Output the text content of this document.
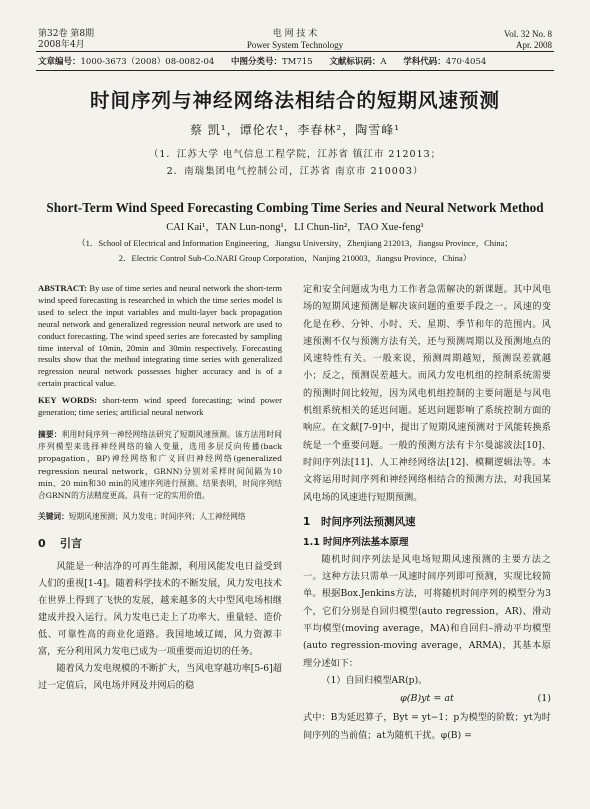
第32卷 第8期
2008年4月
电 网 技 术
Power System Technology
Vol. 32 No. 8
Apr. 2008
文章编号：1000-3673（2008）08-0082-04 中图分类号：TM715 文献标识码：A 学科代码：470·4054
时间序列与神经网络法相结合的短期风速预测
蔡 凯¹，谭伦农¹，李春林²，陶雪峰¹
（1．江苏大学 电气信息工程学院，江苏省 镇江市 212013；
2．南瑞集团电气控制公司，江苏省 南京市 210003）
Short-Term Wind Speed Forecasting Combing Time Series and Neural Network Method
CAI Kai¹，TAN Lun-nong¹，LI Chun-lin²，TAO Xue-feng¹
（1．School of Electrical and Information Engineering，Jiangsu University，Zhenjiang 212013，Jiangsu Province，China；
2．Electric Control Sub-Co.NARI Group Corporation，Nanjing 210003，Jiangsu Province，China）

ABSTRACT: By use of time series and neural network the short-term wind speed forecasting is researched in which the time series model is used to select the input variables and multi-layer back propagation neural network and generalized regression neural network are used to conduct forecasting. The wind speed series are forecasted by sampling time interval of 10min, 20min and 30min respectively. Forecasting results show that the method integrating time series with generalized regression neural network possesses higher accuracy and is of a certain practical value.

KEY WORDS: short-term wind speed forecasting; wind power generation; time series; artificial neural network

摘要：利用时间序列一神经网络法研究了短期风速预测。该方法用时间序列模型来选择神经网络的输入变量，选用多层反向传播(back propagation，BP)神经网络和广义回归神经网络(generalized regression neural network，GRNN)分别对采样时间间隔为10 min、20 min和30 min的风速序列进行预测。结果表明，时间序列结合GRNN的方法精度更高，具有一定的实用价值。

关键词：短期风速预测；风力发电；时间序列；人工神经网络

0 引言

风能是一种洁净的可再生能源，利用风能发电日益受到人们的重视[1-4]。随着科学技术的不断发展，风力发电技术在世界上得到了飞快的发展，越来越多的大中型风电场相继建成并投入运行。风力发电已走上了功率大、重量轻、造价低、可靠性高的商业化道路。我国地域辽阔，风力资源丰富，充分利用风力发电已成为一项重要而迫切的任务。

随着风力发电规模的不断扩大，当风电穿越功率[5-6]超过一定值后，风电场并网及并网后的稳

定和安全问题成为电力工作者急需解决的新课题。其中风电场的短期风速预测是解决该问题的重要手段之一。风速的变化是在秒、分钟、小时、天、星期、季节和年的范围内。风速预测不仅与预测方法有关，还与预测周期以及预测地点的风速特性有关。一般来说，预测周期越短，预测误差就越小；反之，预测误差越大。而风力发电机组的控制系统需要的预测时间比较短，因为风电机组控制的主要问题是与风电机组系统相关的延迟问题。延迟问题影响了系统控制方面的响应。在文献[7-9]中，提出了短期风速预测对于风能转换系统是一个重要问题。一般的预测方法有卡尔曼滤波法[10]、时间序列法[11]、人工神经网络法[12]、模糊逻辑法等。本文将运用时间序列和神经网络相结合的预测方法，对我国某风电场的风速进行短期预测。

1 时间序列法预测风速
1.1 时间序列法基本原理

随机时间序列法是风电场短期风速预测的主要方法之一。这种方法只需单一风速时间序列即可预测，实现比较简单。根据Box.Jenkins方法，可将随机时间序列的模型分为3个，它们分别是自回归模型(auto regression，AR)、滑动平均模型(moving average，MA)和自回归–滑动平均模型(auto regression-moving average，ARMA)，其基本原理分述如下：

（1）自回归模型AR(p)。

φ(B)yt = at	(1)

式中：B为延迟算子，Byt = yt−1；p为模型的阶数；yt为时间序列的当前值；at为随机干扰。φ(B) =
